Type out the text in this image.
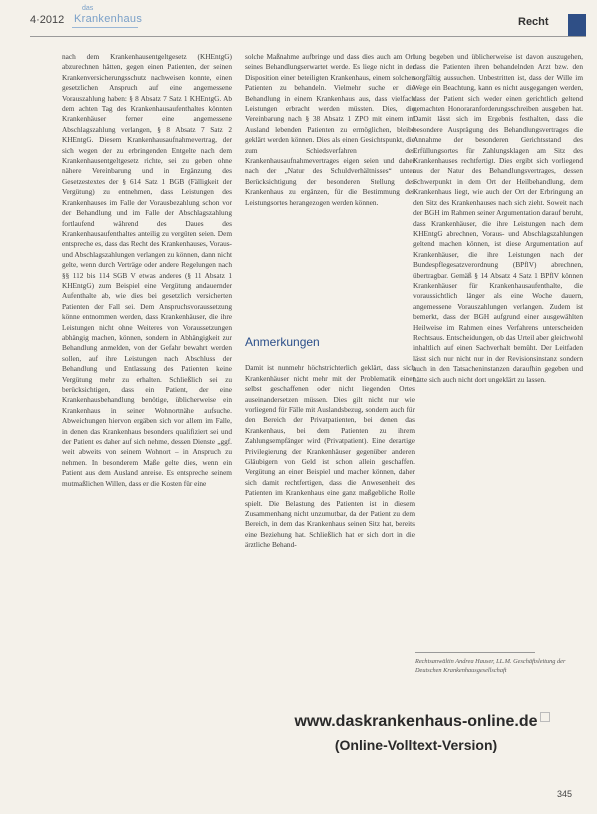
4·2012
das
Krankenhaus	Recht

nach dem Krankenhausentgeltgesetz (KHEntgG) abzurechnen hätten, gegen einen Patienten, der seinen Krankenversicherungsschutz nachweisen konnte, einen gesetzlichen Anspruch auf eine angemessene Vorauszahlung haben: § 8 Absatz 7 Satz 1 KHEntgG. Ab dem achten Tag des Krankenhausaufenthaltes könnten Krankenhäuser ferner eine angemessene Abschlagszahlung verlangen, § 8 Absatz 7 Satz 2 KHEntgG. Diesem Krankenhausaufnahmevertrag, der sich wegen der zu erbringenden Entgelte nach dem Krankenhausentgeltgesetz richte, sei zu geben ohne nähere Vereinbarung und in Ergänzung des Gesetzestextes der § 614 Satz 1 BGB (Fälligkeit der Vergütung) zu entnehmen, dass Leistungen des Krankenhauses im Falle der Vorausbezahlung schon vor der Behandlung und im Falle der Abschlagszahlung fortlaufend während des Daues des Krankenhausaufenthaltes anteilig zu vergüten seien. Dem entspreche es, dass das Recht des Krankenhauses, Voraus- und Abschlagszahlungen verlangen zu können, dann nicht gelte, wenn durch Verträge oder andere Regelungen nach §§ 112 bis 114 SGB V etwas anderes (§ 11 Absatz 1 KHEntgG) zum Beispiel eine Vergütung andauernder Aufenthalte ab, wie dies bei gesetzlich versicherten Patienten der Fall sei. Dem Anspruchsvoraussetzung könne entnommen werden, dass Krankenhäuser, die ihre Leistungen nicht ohne Weiteres von Voraussetzungen abhängig machen, können, sondern in Abhängigkeit zur Behandlung anmelden, von der Gefahr bewahrt werden sollen, auf ihre Leistungen nach Abschluss der Behandlung und Entlassung des Patienten keine Vergütung mehr zu erhalten. Schließlich sei zu berücksichtigen, dass ein Patient, der eine Krankenhausbehandlung benötige, üblicherweise ein Krankenhaus in seiner Wohnortnähe aufsuche. Abweichungen hiervon ergäben sich vor allem im Falle, in denen das Krankenhaus besonders qualifiziert sei und der Patient es daher auf sich nehme, dessen Dienste „ggf. weit abweits von seinem Wohnort – in Anspruch zu nehmen. In besonderem Maße gelte dies, wenn ein Patient aus dem Ausland anreise. Es entspreche seinem mutmaßlichen Willen, dass er die Kosten für eine

solche Maßnahme aufbringe und dass dies auch am Ort seines Behandlungserwartet werde. Es liege nicht in der Disposition einer beteiligten Krankenhaus, einem solchen Patienten zu behandeln. Vielmehr suche er die Behandlung in einem Krankenhaus aus, dass vielfach Leistungen erbracht werden müssten. Dies, die Vereinbarung nach § 38 Absatz 1 ZPO mit einem im Ausland lebenden Patienten zu ermöglichen, bleibe geklärt werden können. Dies als einen Gesichtspunkt, die zum Schiedsverfahren des Krankenhausaufnahmevertrages eigen seien und daher nach der „Natur des Schuldverhältnisses“ unter Berücksichtigung der besonderen Stellung des Krankenhaus zu ergänzen, für die Bestimmung des Leistungsortes herangezogen werden können.

Anmerkungen

Damit ist nunmehr höchstrichterlich geklärt, dass sich Krankenhäuser nicht mehr mit der Problematik einer selbst geschaffenen oder nicht liegenden Ortes auseinandersetzen müssen. Dies gilt nicht nur wie vorliegend für Fälle mit Auslandsbezug, sondern auch für den Bereich der Privatpatienten, bei denen das Krankenhaus, bei dem Patienten zu ihrem Zahlungsempfänger wird (Privatpatient). Eine derartige Privilegierung der Krankenhäuser gegenüber anderen Gläubigern von Geld ist schon allein geschaffen. Vergütung an einer Beispiel und macher können, daher sich damit rechtfertigen, dass die Anwesenheit des Patienten im Krankenhaus eine ganz maßgebliche Rolle spielt. Die Belastung des Patienten ist in diesem Zusammenhang nicht unzumutbar, da der Patient zu dem Bereich, in dem das Krankenhaus seinen Sitz hat, bereits eine Beziehung hat. Schließlich hat er sich dort in die ärztliche Behand-

lung begeben und üblicherweise ist davon auszugehen, dass die Patienten ihren behandelnden Arzt bzw. den sorgfältig aussuchen. Unbestritten ist, dass der Wille im Wege ein Beachtung, kann es nicht ausgegangen werden, dass der Patient sich weder einen gerichtlich geltend gemachten Honoraranforderungsschreiben ausgeben hat. Damit lässt sich im Ergebnis festhalten, dass die besondere Ausprägung des Behandlungsvertrages die Annahme der besonderen Gerichtsstand des Erfüllungsortes für Zahlungsklagen am Sitz des Krankenhauses rechtfertigt. Dies ergibt sich vorliegend aus der Natur des Behandlungsvertrages, dessen Schwerpunkt in dem Ort der Heilbehandlung, dem Krankenhaus liegt, wie auch der Ort der Erbringung an den Sitz des Krankenhauses nach sich zieht. Soweit nach der BGH im Rahmen seiner Argumentation darauf beruht, dass Krankenhäuser, die ihre Leistungen nach dem KHEntgG abrechnen, Voraus- und Abschlagszahlungen geltend machen können, ist diese Argumentation auf Krankenhäuser, die ihre Leistungen nach der Bundespflegesatzverordnung (BPflV) abrechnen, übertragbar. Gemäß § 14 Absatz 4 Satz 1 BPflV können Krankenhäuser für Krankenhausaufenthalte, die voraussichtlich länger als eine Woche dauern, angemessene Vorauszahlungen verlangen. Zudem ist bemerkt, dass der BGH aufgrund einer ausgewählten Heilweise im Rahmen eines Verfahrens unterscheiden Rechtsaus. Entscheidungen, ob das Urteil aber gleichwohl inhaltlich auf einen Sachverhalt bemüht. Der Leitfaden lässt sich nur nicht nur in der Revisionsinstanz sondern auch in den Tatsacheninstanzen daraufhin gegeben und hätte sich auch nicht dort ungeklärt zu lassen.

Rechtsanwältin Andrea Hauser, LL.M. Geschäftsleitung der Deutschen Krankenhausgesellschaft
www.daskrankenhaus-online.de
(Online-Volltext-Version)
345
